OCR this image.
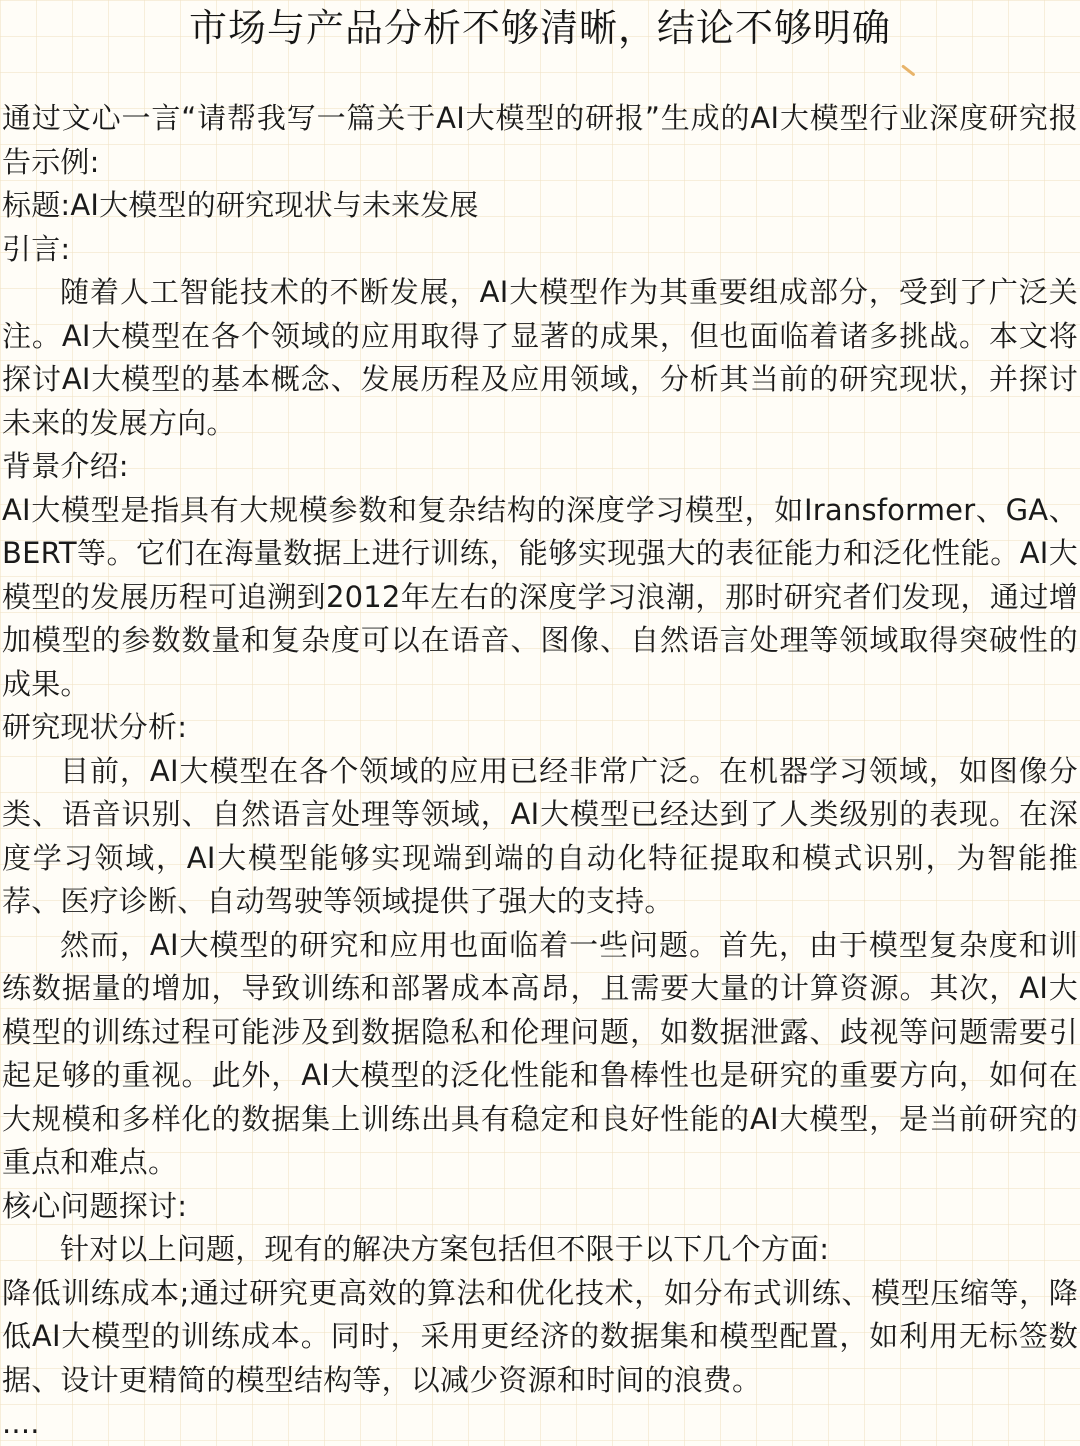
市场与产品分析不够清晰，结论不够明确

通过文心一言“请帮我写一篇关于AI大模型的研报”生成的AI大模型行业深度研究报告示例:

标题:AI大模型的研究现状与未来发展

引言:

随着人工智能技术的不断发展，AI大模型作为其重要组成部分，受到了广泛关注。AI大模型在各个领域的应用取得了显著的成果，但也面临着诸多挑战。本文将探讨AI大模型的基本概念、发展历程及应用领域，分析其当前的研究现状，并探讨未来的发展方向。

背景介绍:

AI大模型是指具有大规模参数和复杂结构的深度学习模型，如Iransformer、GA、BERT等。它们在海量数据上进行训练，能够实现强大的表征能力和泛化性能。AI大模型的发展历程可追溯到2012年左右的深度学习浪潮，那时研究者们发现，通过增加模型的参数数量和复杂度可以在语音、图像、自然语言处理等领域取得突破性的成果。

研究现状分析:

目前，AI大模型在各个领域的应用已经非常广泛。在机器学习领域，如图像分类、语音识别、自然语言处理等领域，AI大模型已经达到了人类级别的表现。在深度学习领域，AI大模型能够实现端到端的自动化特征提取和模式识别，为智能推荐、医疗诊断、自动驾驶等领域提供了强大的支持。

然而，AI大模型的研究和应用也面临着一些问题。首先，由于模型复杂度和训练数据量的增加，导致训练和部署成本高昂，且需要大量的计算资源。其次，AI大模型的训练过程可能涉及到数据隐私和伦理问题，如数据泄露、歧视等问题需要引起足够的重视。此外，AI大模型的泛化性能和鲁棒性也是研究的重要方向，如何在大规模和多样化的数据集上训练出具有稳定和良好性能的AI大模型，是当前研究的重点和难点。

核心问题探讨:

针对以上问题，现有的解决方案包括但不限于以下几个方面:

降低训练成本;通过研究更高效的算法和优化技术，如分布式训练、模型压缩等，降低AI大模型的训练成本。同时，采用更经济的数据集和模型配置，如利用无标签数据、设计更精简的模型结构等，以减少资源和时间的浪费。

....
